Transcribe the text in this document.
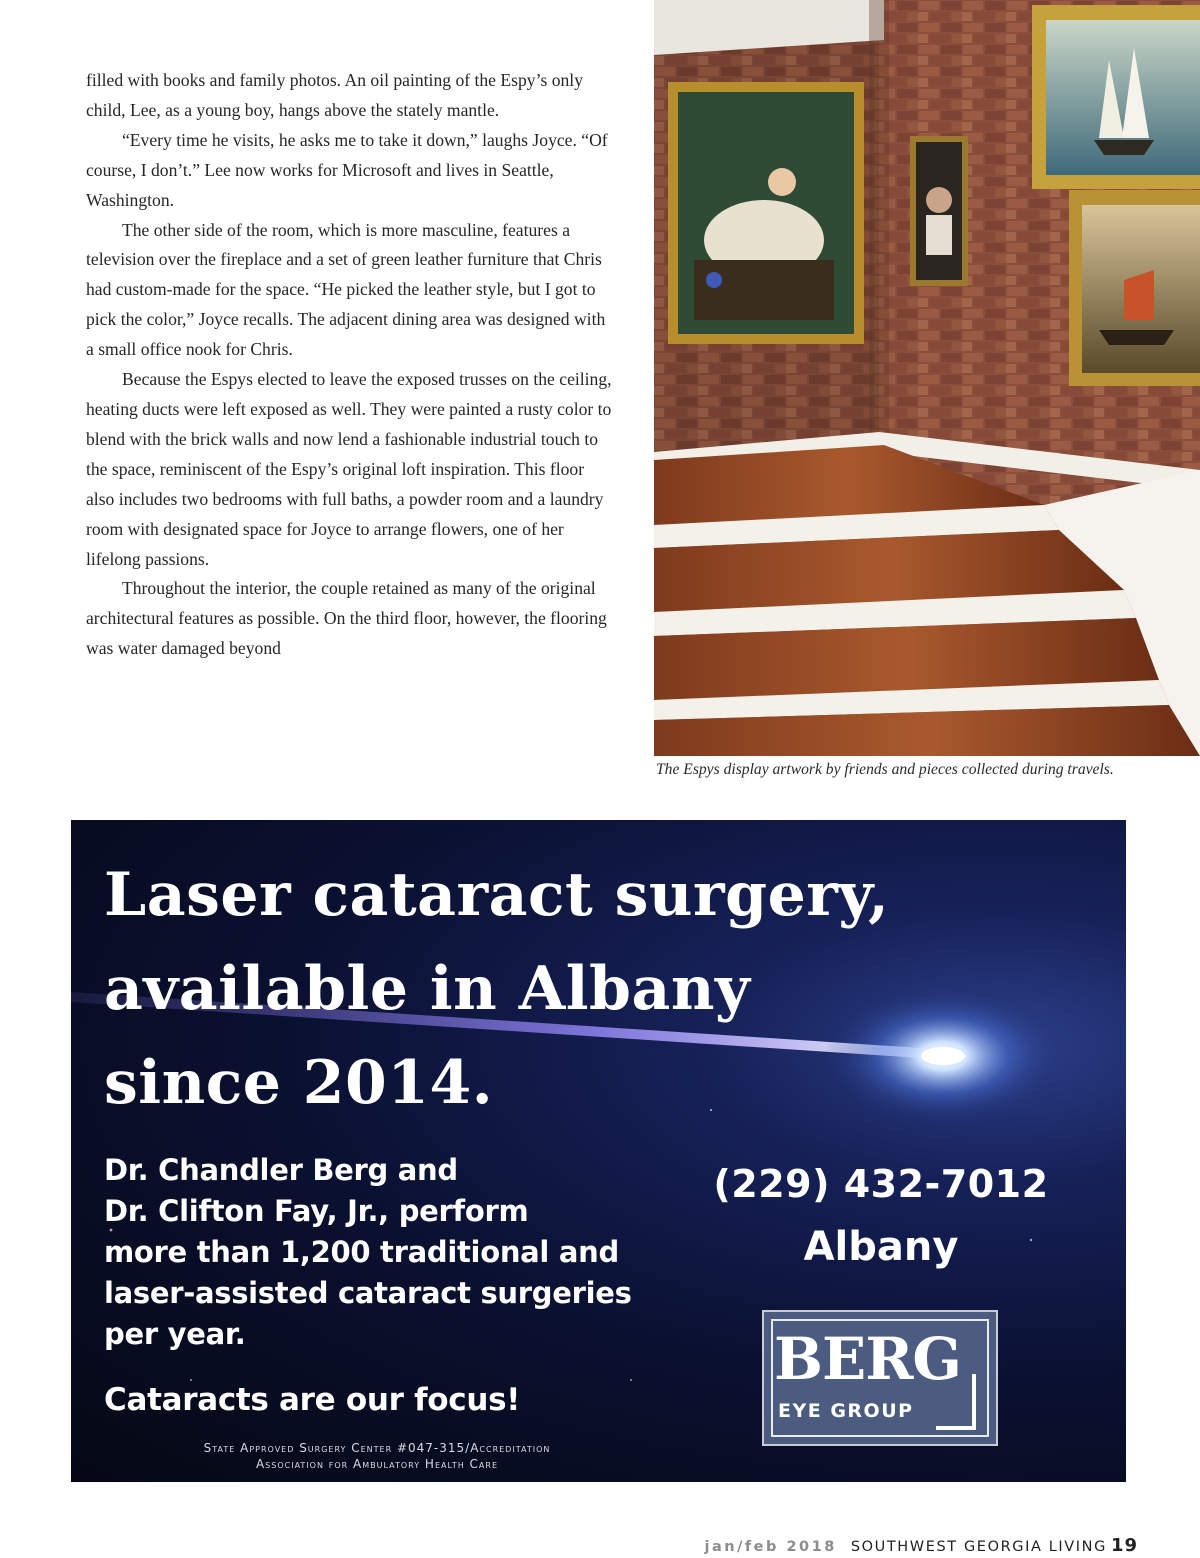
filled with books and family photos. An oil painting of the Espy’s only child, Lee, as a young boy, hangs above the stately mantle.

“Every time he visits, he asks me to take it down,” laughs Joyce. “Of course, I don’t.” Lee now works for Microsoft and lives in Seattle, Washington.

The other side of the room, which is more masculine, features a television over the fireplace and a set of green leather furniture that Chris had custom-made for the space. “He picked the leather style, but I got to pick the color,” Joyce recalls. The adjacent dining area was designed with a small office nook for Chris.

Because the Espys elected to leave the exposed trusses on the ceiling, heating ducts were left exposed as well. They were painted a rusty color to blend with the brick walls and now lend a fashionable industrial touch to the space, reminiscent of the Espy’s original loft inspiration. This floor also includes two bedrooms with full baths, a powder room and a laundry room with designated space for Joyce to arrange flowers, one of her lifelong passions.

Throughout the interior, the couple retained as many of the original architectural features as possible. On the third floor, however, the flooring was water damaged beyond

The Espys display artwork by friends and pieces collected during travels.
Laser cataract surgery,
available in Albany
since 2014.
Dr. Chandler Berg and
Dr. Clifton Fay, Jr., perform
more than 1,200 traditional and
laser-assisted cataract surgeries
per year.
Cataracts are our focus!
State Approved Surgery Center #047-315/Accreditation
Association for Ambulatory Health Care
(229) 432-7012
Albany
BERG
EYE GROUP
jan/feb 2018 SOUTHWEST GEORGIA LIVING 19
